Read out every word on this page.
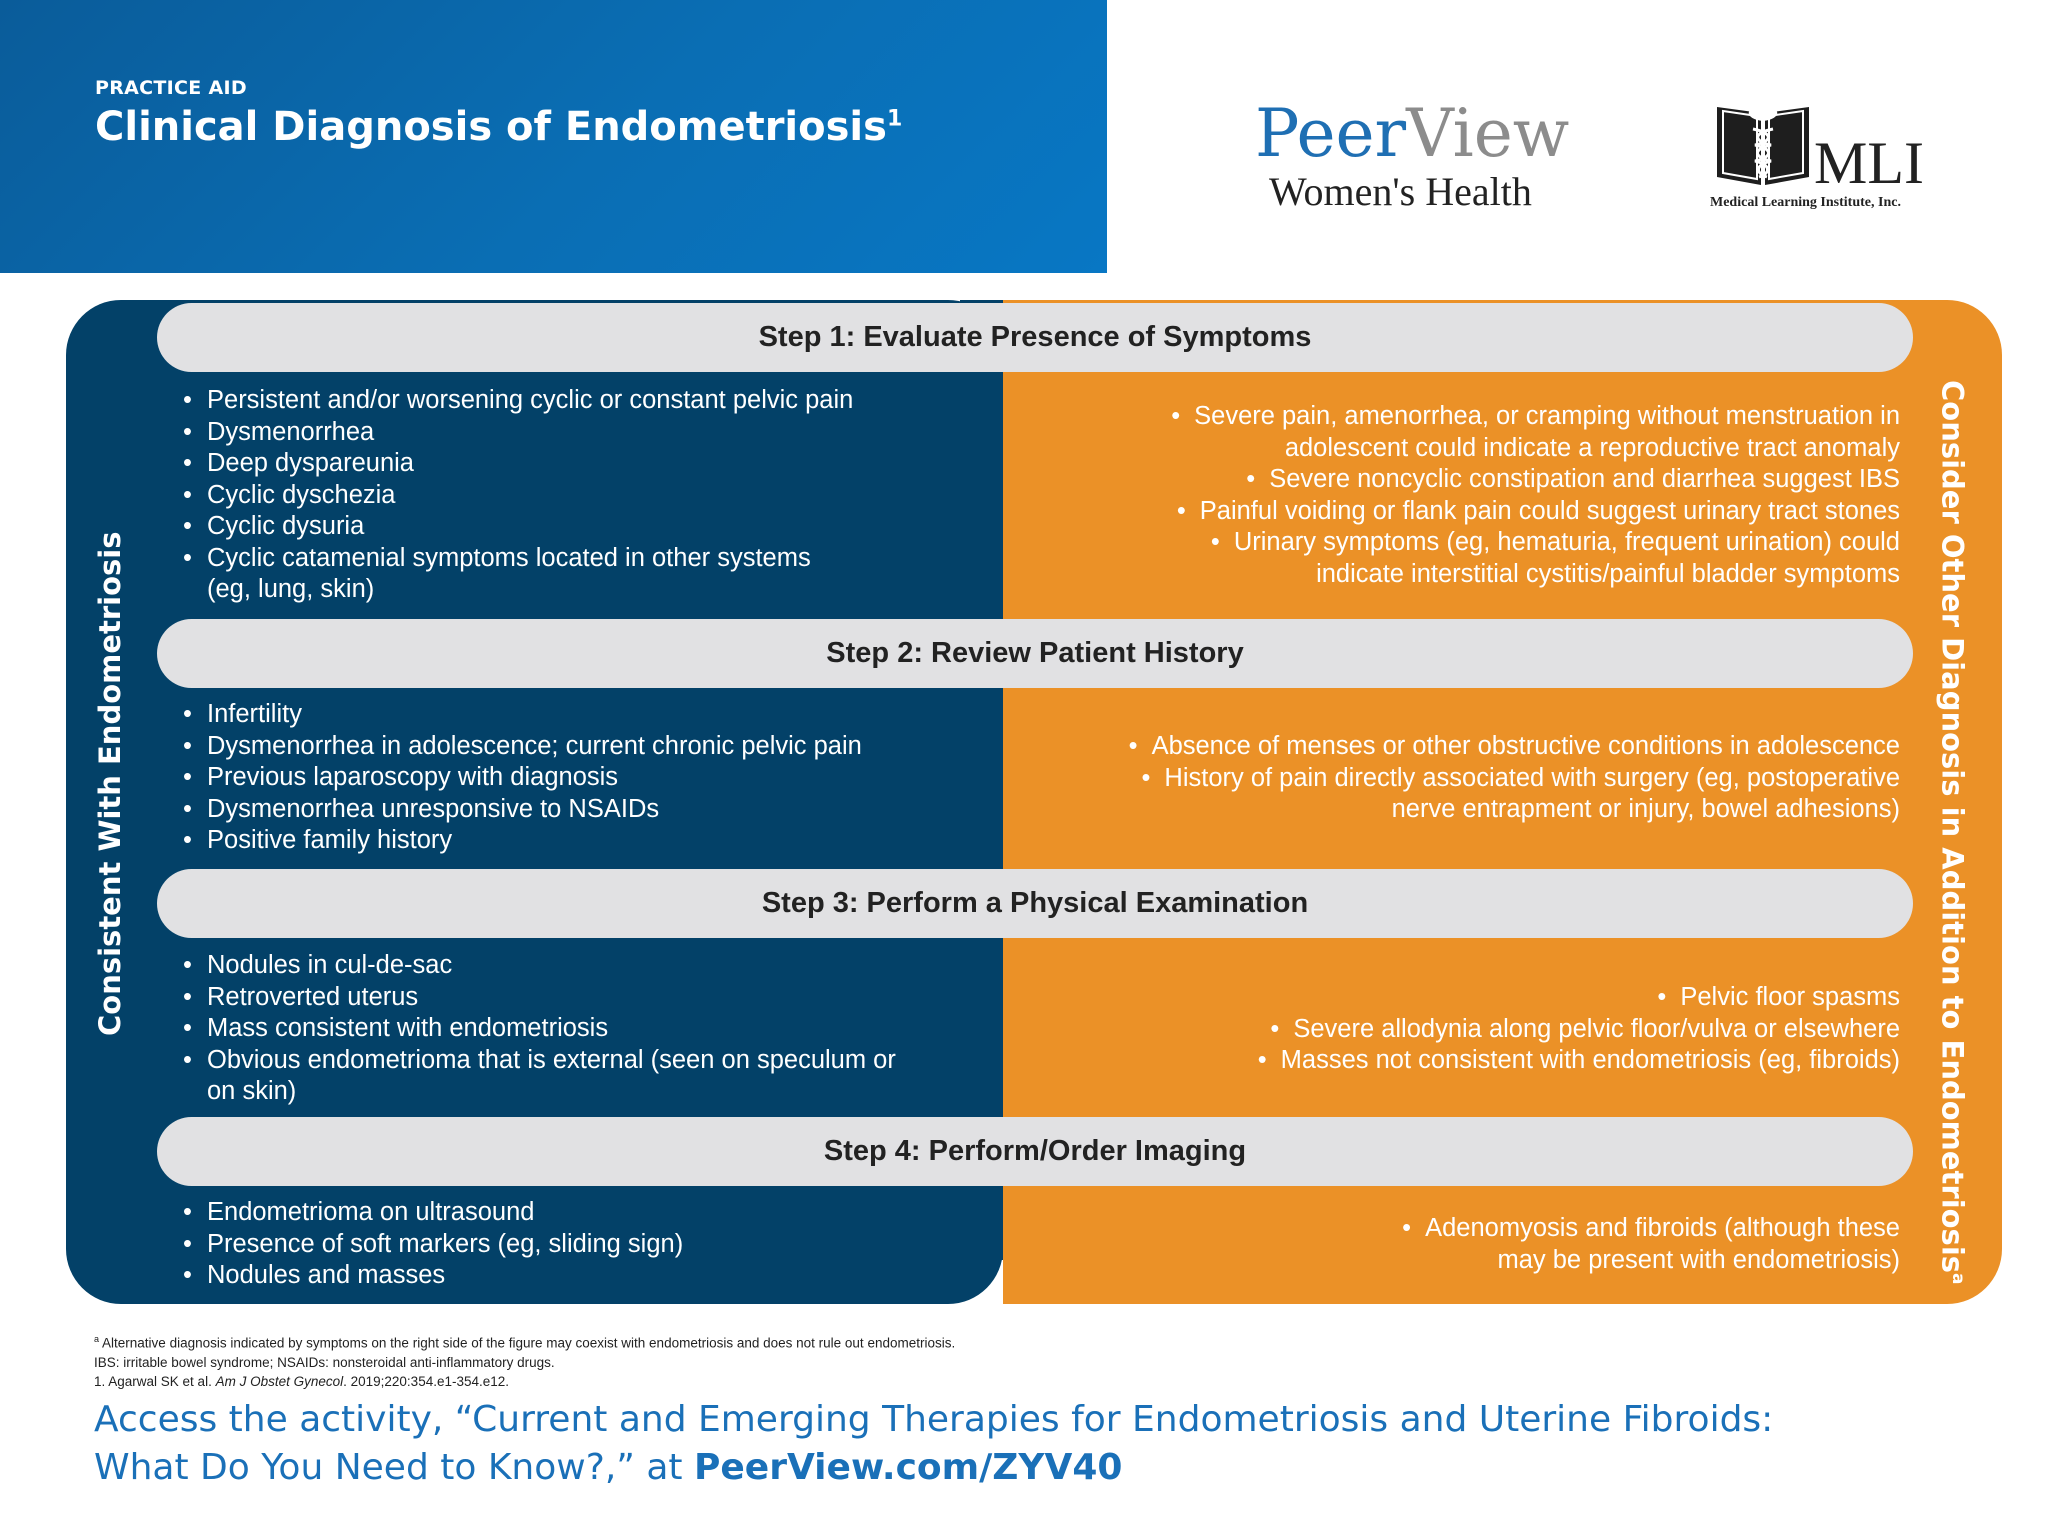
PRACTICE AID
Clinical Diagnosis of Endometriosis$^1$	PeerView
Women's Health	MLI
Medical Learning Institute, Inc.
Consistent With Endometriosis	Consider Other Diagnosis in Addition to Endometriosis$^a$
Step 1: Evaluate Presence of Symptoms
• Persistent and/or worsening cyclic or constant pelvic pain
• Dysmenorrhea
• Deep dyspareunia
• Cyclic dyschezia
• Cyclic dysuria
• Cyclic catamenial symptoms located in other systems
(eg, lung, skin)
• Severe pain, amenorrhea, or cramping without menstruation in
adolescent could indicate a reproductive tract anomaly
• Severe noncyclic constipation and diarrhea suggest IBS
• Painful voiding or flank pain could suggest urinary tract stones
• Urinary symptoms (eg, hematuria, frequent urination) could
indicate interstitial cystitis/painful bladder symptoms
Step 2: Review Patient History
• Infertility
• Dysmenorrhea in adolescence; current chronic pelvic pain
• Previous laparoscopy with diagnosis
• Dysmenorrhea unresponsive to NSAIDs
• Positive family history
• Absence of menses or other obstructive conditions in adolescence
• History of pain directly associated with surgery (eg, postoperative
nerve entrapment or injury, bowel adhesions)
Step 3: Perform a Physical Examination
• Nodules in cul-de-sac
• Retroverted uterus
• Mass consistent with endometriosis
• Obvious endometrioma that is external (seen on speculum or
on skin)
• Pelvic floor spasms
• Severe allodynia along pelvic floor/vulva or elsewhere
• Masses not consistent with endometriosis (eg, fibroids)
Step 4: Perform/Order Imaging
• Endometrioma on ultrasound
• Presence of soft markers (eg, sliding sign)
• Nodules and masses
• Adenomyosis and fibroids (although these
may be present with endometriosis)
$^a$ Alternative diagnosis indicated by symptoms on the right side of the figure may coexist with endometriosis and does not rule out endometriosis.
IBS: irritable bowel syndrome; NSAIDs: nonsteroidal anti-inflammatory drugs.
1. Agarwal SK et al. Am J Obstet Gynecol. 2019;220:354.e1-354.e12.
Access the activity, “Current and Emerging Therapies for Endometriosis and Uterine Fibroids:
What Do You Need to Know?,” at PeerView.com/ZYV40
